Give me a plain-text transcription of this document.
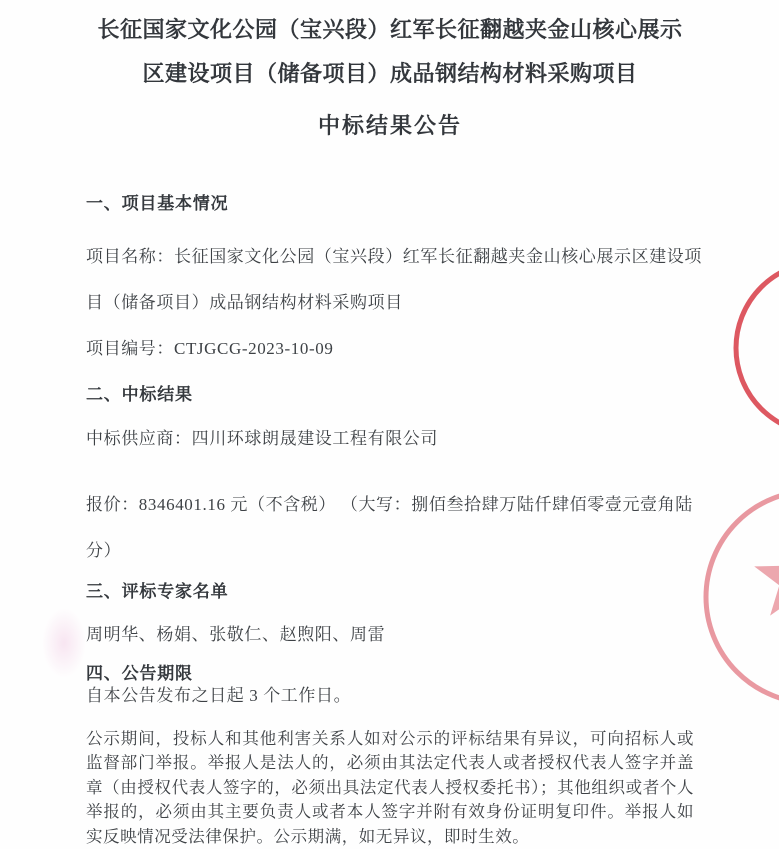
长征国家文化公园（宝兴段）红军长征翻越夹金山核心展示区建设项目（储备项目）成品钢结构材料采购项目
中标结果公告
一、项目基本情况
项目名称：长征国家文化公园（宝兴段）红军长征翻越夹金山核心展示区建设项目（储备项目）成品钢结构材料采购项目
项目编号：CTJGCG-2023-10-09
二、中标结果
中标供应商：四川环球朗晟建设工程有限公司
报价：8346401.16 元（不含税） （大写：捌佰叁拾肆万陆仟肆佰零壹元壹角陆分）
三、评标专家名单
周明华、杨娟、张敬仁、赵煦阳、周雷
四、公告期限
自本公告发布之日起 3 个工作日。
公示期间，投标人和其他利害关系人如对公示的评标结果有异议，可向招标人或监督部门举报。举报人是法人的，必须由其法定代表人或者授权代表人签字并盖章（由授权代表人签字的，必须出具法定代表人授权委托书）；其他组织或者个人举报的，必须由其主要负责人或者本人签字并附有效身份证明复印件。举报人如实反映情况受法律保护。公示期满，如无异议，即时生效。
